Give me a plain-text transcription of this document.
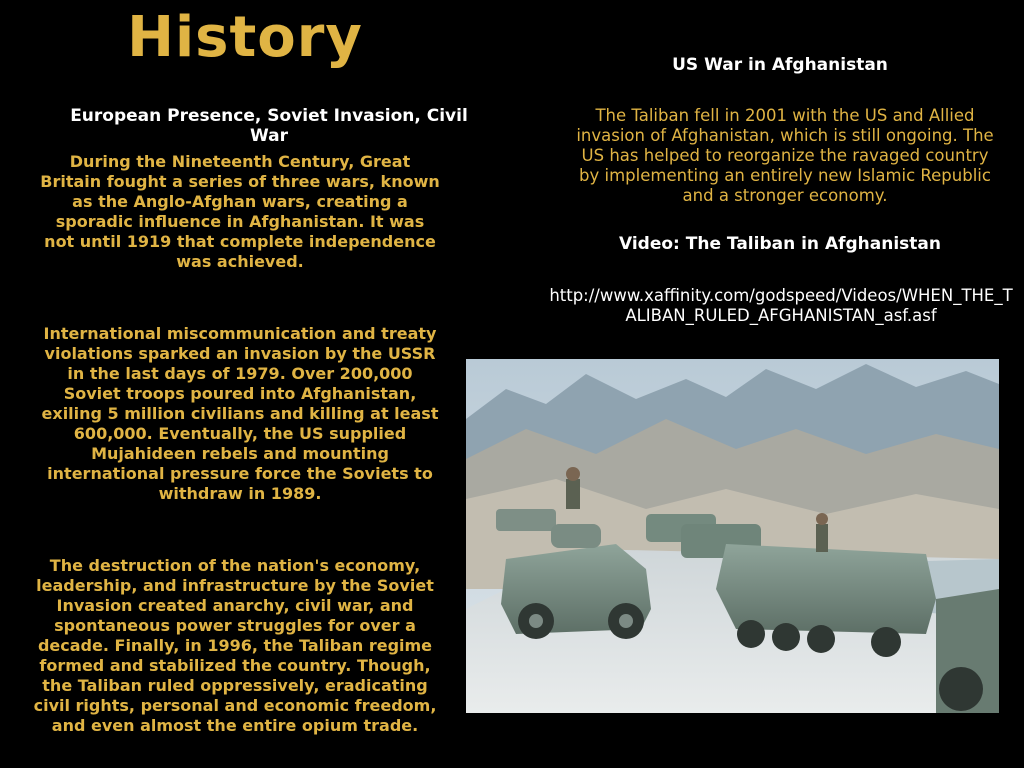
History
European Presence, Soviet Invasion, Civil War

During the Nineteenth Century, Great Britain fought a series of three wars, known as the Anglo-Afghan wars, creating a sporadic influence in Afghanistan. It was not until 1919 that complete independence was achieved.

International miscommunication and treaty violations sparked an invasion by the USSR in the last days of 1979. Over 200,000 Soviet troops poured into Afghanistan, exiling 5 million civilians and killing at least 600,000. Eventually, the US supplied Mujahideen rebels and mounting international pressure force the Soviets to withdraw in 1989.

The destruction of the nation's economy, leadership, and infrastructure by the Soviet Invasion created anarchy, civil war, and spontaneous power struggles for over a decade. Finally, in 1996, the Taliban regime formed and stabilized the country. Though, the Taliban ruled oppressively, eradicating civil rights, personal and economic freedom, and even almost the entire opium trade.

US War in Afghanistan

The Taliban fell in 2001 with the US and Allied invasion of Afghanistan, which is still ongoing. The US has helped to reorganize the ravaged country by implementing an entirely new Islamic Republic and a stronger economy.

Video: The Taliban in Afghanistan
http://www.xaffinity.com/godspeed/Videos/WHEN_THE_TALIBAN_RULED_AFGHANISTAN_asf.asf
